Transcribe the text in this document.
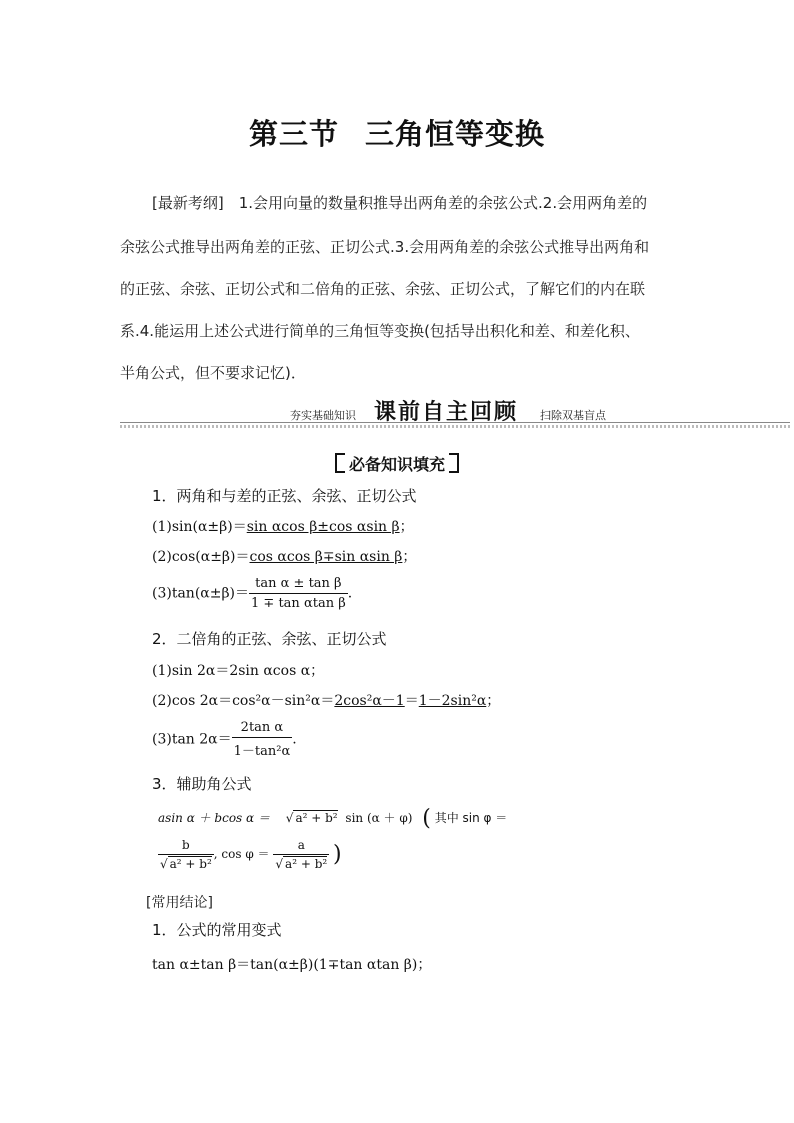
第三节 三角恒等变换
[最新考纲]　1.会用向量的数量积推导出两角差的余弦公式.2.会用两角差的
余弦公式推导出两角差的正弦、正切公式.3.会用两角差的余弦公式推导出两角和
的正弦、余弦、正切公式和二倍角的正弦、余弦、正切公式，了解它们的内在联
系.4.能运用上述公式进行简单的三角恒等变换(包括导出积化和差、和差化积、
半角公式，但不要求记忆)．
夯实基础知识 课前自主回顾 扫除双基盲点
必备知识填充
1．两角和与差的正弦、余弦、正切公式
(1)sin(α±β)＝sin αcos β±cos αsin β；
(2)cos(α±β)＝cos αcos β∓sin αsin β；
$(3)\tan(\alpha\pm\beta)= \frac{\text{tan α ± tan β}}{\text{1 ∓ tan αtan β}}$ .
2．二倍角的正弦、余弦、正切公式
(1)sin 2α＝2sin αcos α；
(2)cos 2α＝cos²α－sin²α＝2cos²α－1＝1－2sin²α；
(3)tan $2\alpha= \frac{\text{2tan α}}{\text{1－tan²α}}$ .
3．辅助角公式
asin α ＋ bcos α ＝ √ a² + b² sin (α ＋ φ) ( 其中 sin φ ＝
$\frac{b}{\text{√ a² + b²}}$ , $\cos \varphi = \frac{a}{\text{√ a² + b²}}$ )
[常用结论]
1．公式的常用变式
tan α±tan β＝tan(α±β)(1∓tan αtan β)；
